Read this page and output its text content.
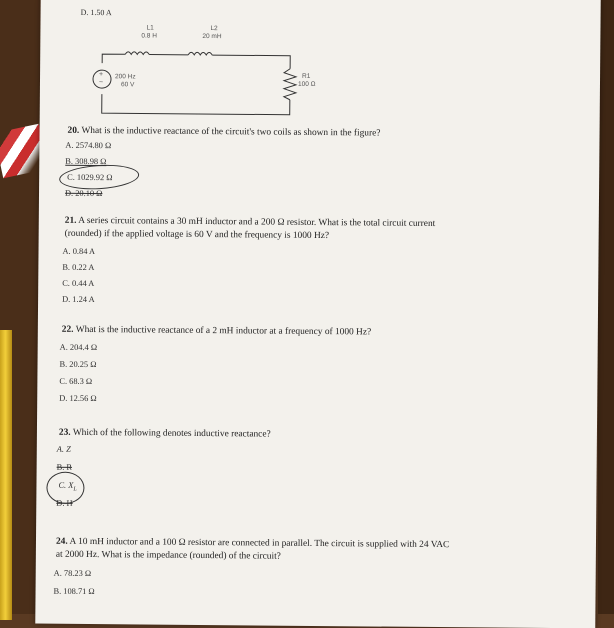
D. 1.50 A
L1
0.8 H
L2
20 mH
+
−
200 Hz
60 V
R1
100 Ω
20. What is the inductive reactance of the circuit's two coils as shown in the figure?
A. 2574.80 Ω
B. 308.98 Ω
C. 1029.92 Ω
D. 20.10 Ω
21. A series circuit contains a 30 mH inductor and a 200 Ω resistor. What is the total circuit current
(rounded) if the applied voltage is 60 V and the frequency is 1000 Hz?
A. 0.84 A
B. 0.22 A
C. 0.44 A
D. 1.24 A
22. What is the inductive reactance of a 2 mH inductor at a frequency of 1000 Hz?
A. 204.4 Ω
B. 20.25 Ω
C. 68.3 Ω
D. 12.56 Ω
23. Which of the following denotes inductive reactance?
A. Z
B. R
C. $X_L$
D. H
24. A 10 mH inductor and a 100 Ω resistor are connected in parallel. The circuit is supplied with 24 VAC
at 2000 Hz. What is the impedance (rounded) of the circuit?
A. 78.23 Ω
B. 108.71 Ω
